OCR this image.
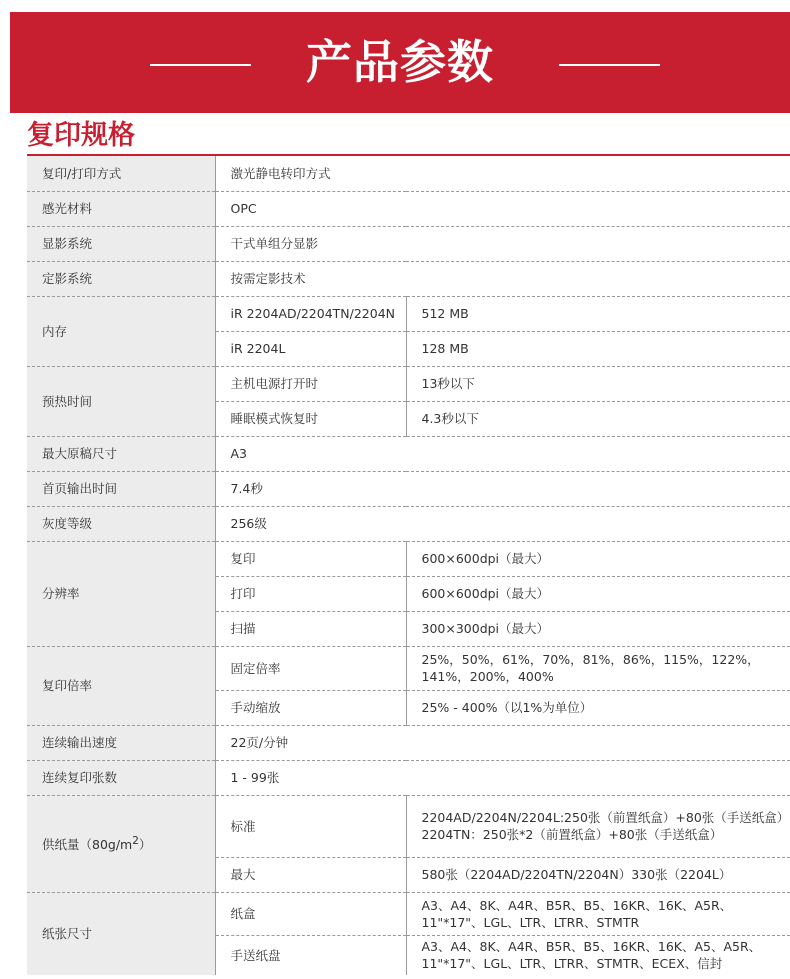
产品参数
复印规格
复印/打印方式	激光静电转印方式	
感光材料	OPC	
显影系统	干式单组分显影	
定影系统	按需定影技术	
内存	iR 2204AD/2204TN/2204N	512 MB
	iR 2204L	128 MB
预热时间	主机电源打开时	13秒以下
	睡眠模式恢复时	4.3秒以下
最大原稿尺寸	A3	
首页输出时间	7.4秒	
灰度等级	256级	
分辨率	复印	600×600dpi（最大）
	打印	600×600dpi（最大）
	扫描	300×300dpi（最大）
复印倍率	固定倍率	25%，50%，61%，70%，81%，86%，115%，122%，141%，200%，400%
	手动缩放	25% - 400%（以1%为单位）
连续输出速度	22页/分钟	
连续复印张数	1 - 99张	
供纸量$(80g/m^2)$	标准	2204AD/2204N/2204L:250张（前置纸盒）+80张（手送纸盒）
2204TN：250张*2（前置纸盒）+80张（手送纸盒）

	最大	580张（2204AD/2204TN/2204N）330张（2204L）
纸张尺寸	纸盒	A3、A4、8K、A4R、B5R、B5、16KR、16K、A5R、11"*17"、LGL、LTR、LTRR、STMTR
	手送纸盘	A3、A4、8K、A4R、B5R、B5、16KR、16K、A5、A5R、11"*17"、LGL、LTR、LTRR、STMTR、ECEX、信封
